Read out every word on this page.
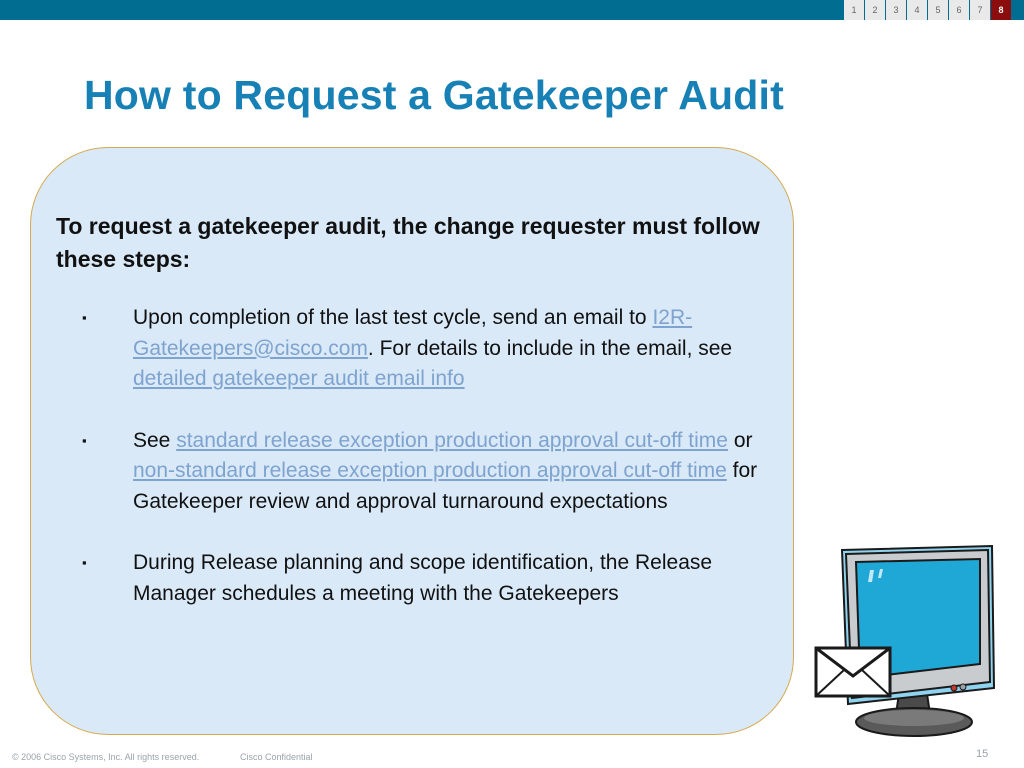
1	2	3	4	5	6	7	8
How to Request a Gatekeeper Audit
To request a gatekeeper audit, the change requester must follow these steps:
▪ Upon completion of the last test cycle, send an email to I2R-Gatekeepers@cisco.com. For details to include in the email, see detailed gatekeeper audit email info
▪ See standard release exception production approval cut-off time or non-standard release exception production approval cut-off time for Gatekeeper review and approval turnaround expectations
▪ During Release planning and scope identification, the Release Manager schedules a meeting with the Gatekeepers
© 2006 Cisco Systems, Inc. All rights reserved.	Cisco Confidential	15
